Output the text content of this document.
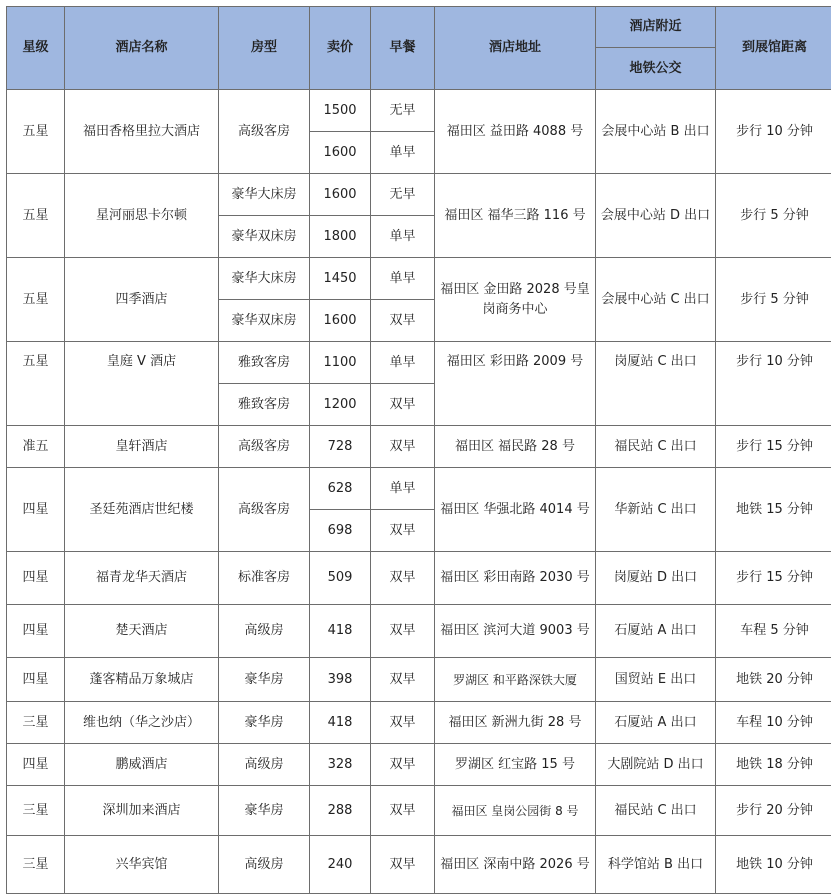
星级	酒店名称	房型	卖价	早餐	酒店地址	酒店附近	到展馆距离
						地铁公交	
五星	福田香格里拉大酒店	高级客房	1500	无早	福田区 益田路 4088 号	会展中心站 B 出口	步行 10 分钟
			1600	单早			
五星	星河丽思卡尔顿	豪华大床房	1600	无早	福田区 福华三路 116 号	会展中心站 D 出口	步行 5 分钟
		豪华双床房	1800	单早			
五星	四季酒店	豪华大床房	1450	单早	福田区 金田路 2028 号皇岗商务中心	会展中心站 C 出口	步行 5 分钟
		豪华双床房	1600	双早			
五星	皇庭 V 酒店	雅致客房	1100	单早	福田区 彩田路 2009 号	岗厦站 C 出口	步行 10 分钟
		雅致客房	1200	双早			
准五	皇轩酒店	高级客房	728	双早	福田区 福民路 28 号	福民站 C 出口	步行 15 分钟
四星	圣廷苑酒店世纪楼	高级客房	628	单早	福田区 华强北路 4014 号	华新站 C 出口	地铁 15 分钟
			698	双早			
四星	福青龙华天酒店	标准客房	509	双早	福田区 彩田南路 2030 号	岗厦站 D 出口	步行 15 分钟
四星	楚天酒店	高级房	418	双早	福田区 滨河大道 9003 号	石厦站 A 出口	车程 5 分钟
四星	蓬客精品万象城店	豪华房	398	双早	罗湖区 和平路深铁大厦	国贸站 E 出口	地铁 20 分钟
三星	维也纳（华之沙店）	豪华房	418	双早	福田区 新洲九街 28 号	石厦站 A 出口	车程 10 分钟
四星	鹏威酒店	高级房	328	双早	罗湖区 红宝路 15 号	大剧院站 D 出口	地铁 18 分钟
三星	深圳加来酒店	豪华房	288	双早	福田区 皇岗公园街 8 号	福民站 C 出口	步行 20 分钟
三星	兴华宾馆	高级房	240	双早	福田区 深南中路 2026 号	科学馆站 B 出口	地铁 10 分钟
